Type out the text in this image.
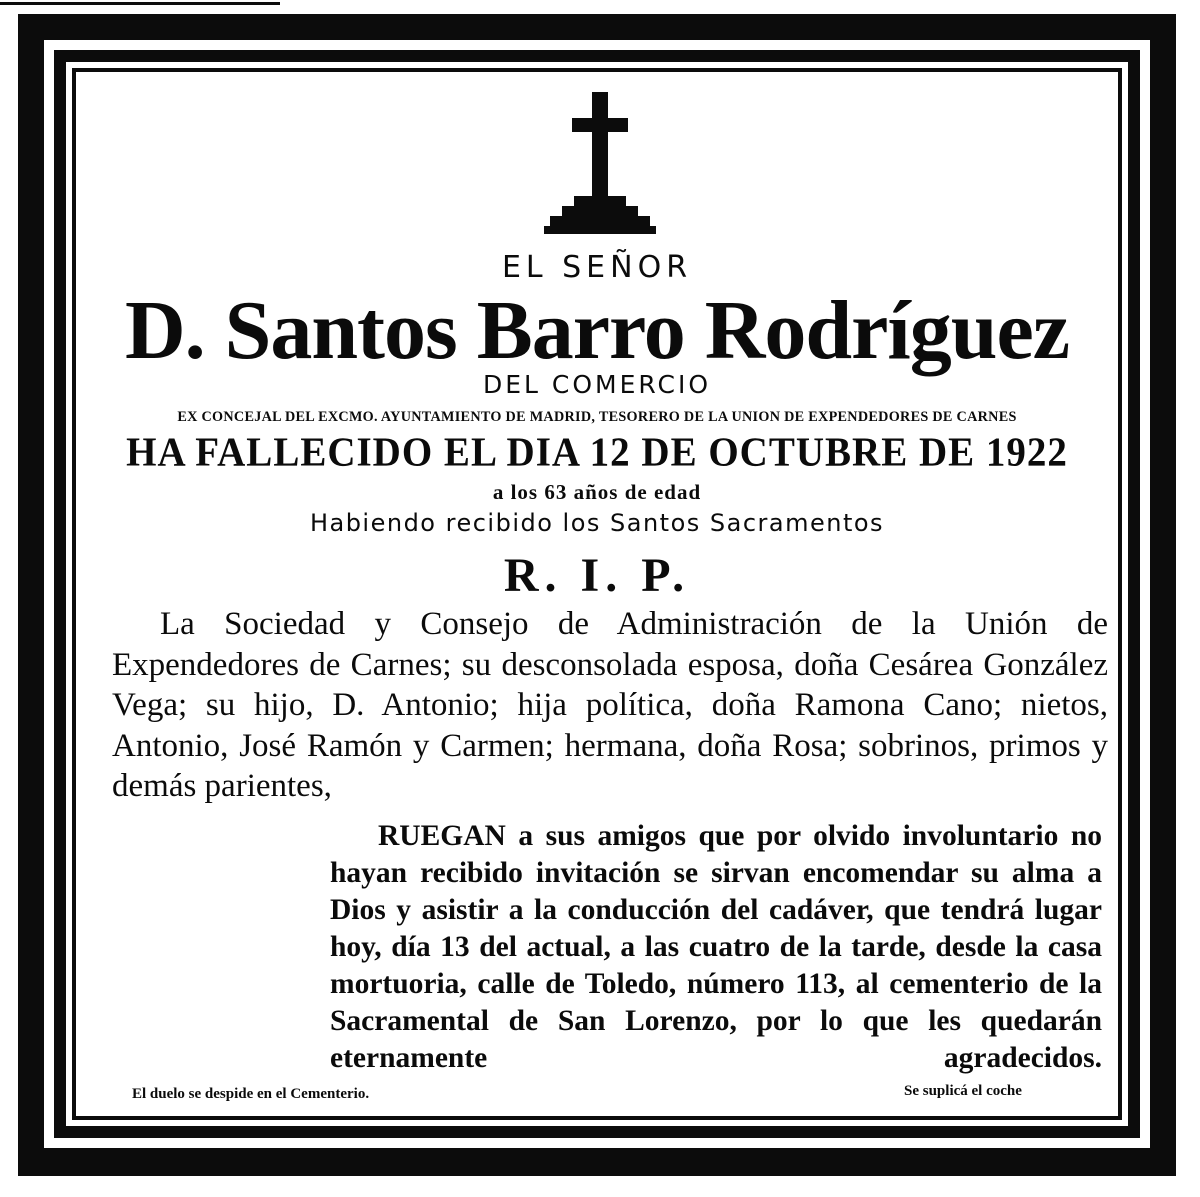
EL SEÑOR
D. Santos Barro Rodríguez
DEL COMERCIO
EX CONCEJAL DEL EXCMO. AYUNTAMIENTO DE MADRID, TESORERO DE LA UNION DE EXPENDEDORES DE CARNES
HA FALLECIDO EL DIA 12 DE OCTUBRE DE 1922
a los 63 años de edad
Habiendo recibido los Santos Sacramentos
R. I. P.
La Sociedad y Consejo de Administración de la Unión de Expendedores de Carnes; su desconsolada esposa, doña Cesárea González Vega; su hijo, D. Antonio; hija política, doña Ramona Cano; nietos, Antonio, José Ramón y Carmen; hermana, doña Rosa; sobrinos, primos y demás parientes,
RUEGAN a sus amigos que por olvido involuntario no hayan recibido invitación se sirvan encomendar su alma a Dios y asistir a la conducción del cadáver, que tendrá lugar hoy, día 13 del actual, a las cuatro de la tarde, desde la casa mortuoria, calle de Toledo, número 113, al cementerio de la Sacramental de San Lorenzo, por lo que les quedarán eternamente agradecidos.
El duelo se despide en el Cementerio.	Se suplicá el coche
